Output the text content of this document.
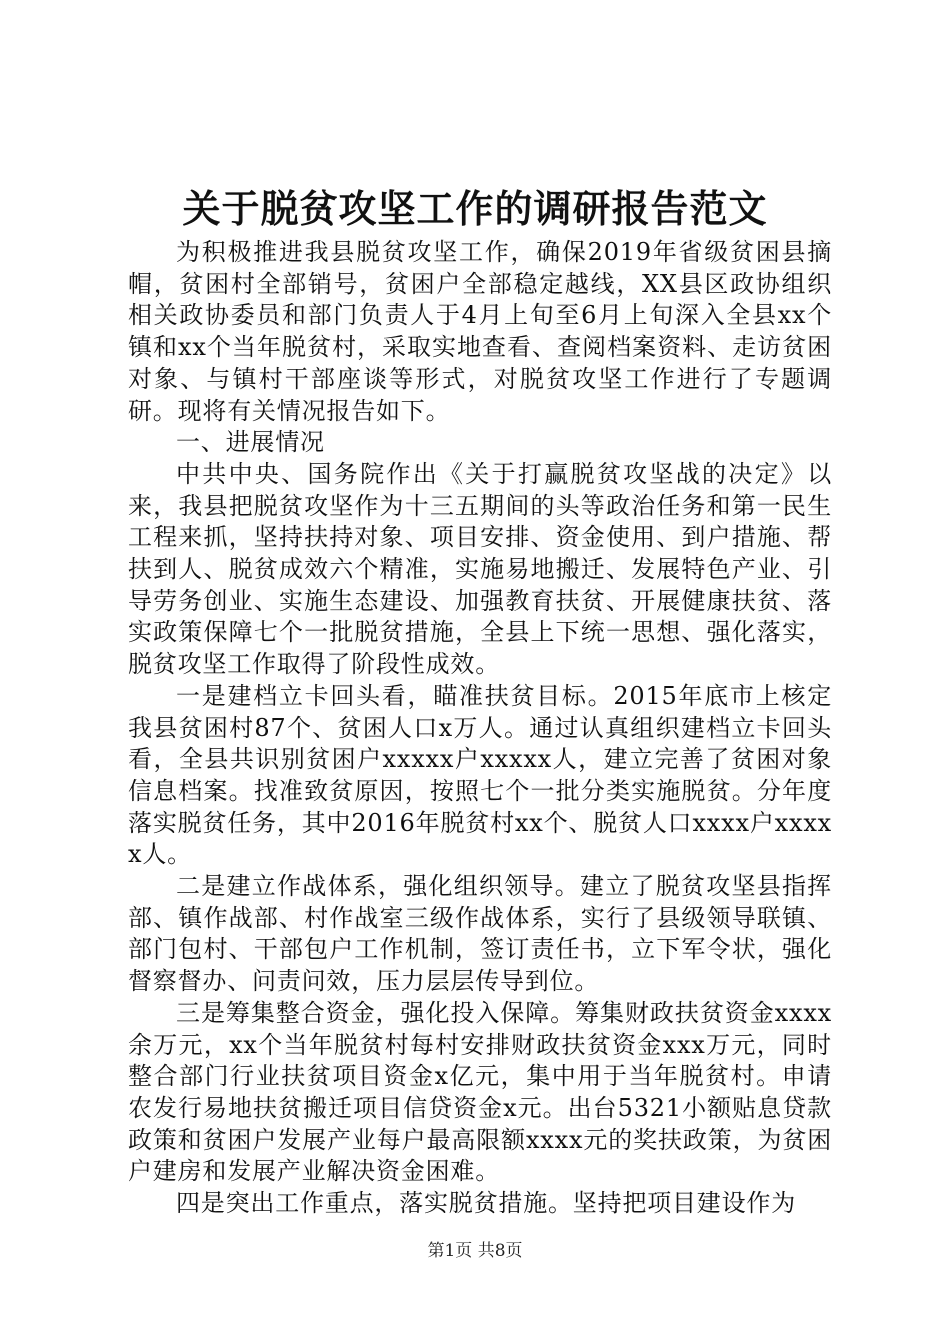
关于脱贫攻坚工作的调研报告范文

为积极推进我县脱贫攻坚工作，确保2019年省级贫困县摘帽，贫困村全部销号，贫困户全部稳定越线，XX县区政协组织相关政协委员和部门负责人于4月上旬至6月上旬深入全县xx个镇和xx个当年脱贫村，采取实地查看、查阅档案资料、走访贫困对象、与镇村干部座谈等形式，对脱贫攻坚工作进行了专题调研。现将有关情况报告如下。

一、进展情况

中共中央、国务院作出《关于打赢脱贫攻坚战的决定》以来，我县把脱贫攻坚作为十三五期间的头等政治任务和第一民生工程来抓，坚持扶持对象、项目安排、资金使用、到户措施、帮扶到人、脱贫成效六个精准，实施易地搬迁、发展特色产业、引导劳务创业、实施生态建设、加强教育扶贫、开展健康扶贫、落实政策保障七个一批脱贫措施，全县上下统一思想、强化落实，脱贫攻坚工作取得了阶段性成效。

一是建档立卡回头看，瞄准扶贫目标。2015年底市上核定我县贫困村87个、贫困人口x万人。通过认真组织建档立卡回头看，全县共识别贫困户xxxxx户xxxxx人，建立完善了贫困对象信息档案。找准致贫原因，按照七个一批分类实施脱贫。分年度落实脱贫任务，其中2016年脱贫村xx个、脱贫人口xxxx户xxxxx人。

二是建立作战体系，强化组织领导。建立了脱贫攻坚县指挥部、镇作战部、村作战室三级作战体系，实行了县级领导联镇、部门包村、干部包户工作机制，签订责任书，立下军令状，强化督察督办、问责问效，压力层层传导到位。

三是筹集整合资金，强化投入保障。筹集财政扶贫资金xxxx余万元，xx个当年脱贫村每村安排财政扶贫资金xxx万元，同时整合部门行业扶贫项目资金x亿元，集中用于当年脱贫村。申请农发行易地扶贫搬迁项目信贷资金x元。出台5321小额贴息贷款政策和贫困户发展产业每户最高限额xxxx元的奖扶政策，为贫困户建房和发展产业解决资金困难。

四是突出工作重点，落实脱贫措施。坚持把项目建设作为

第1页 共8页
